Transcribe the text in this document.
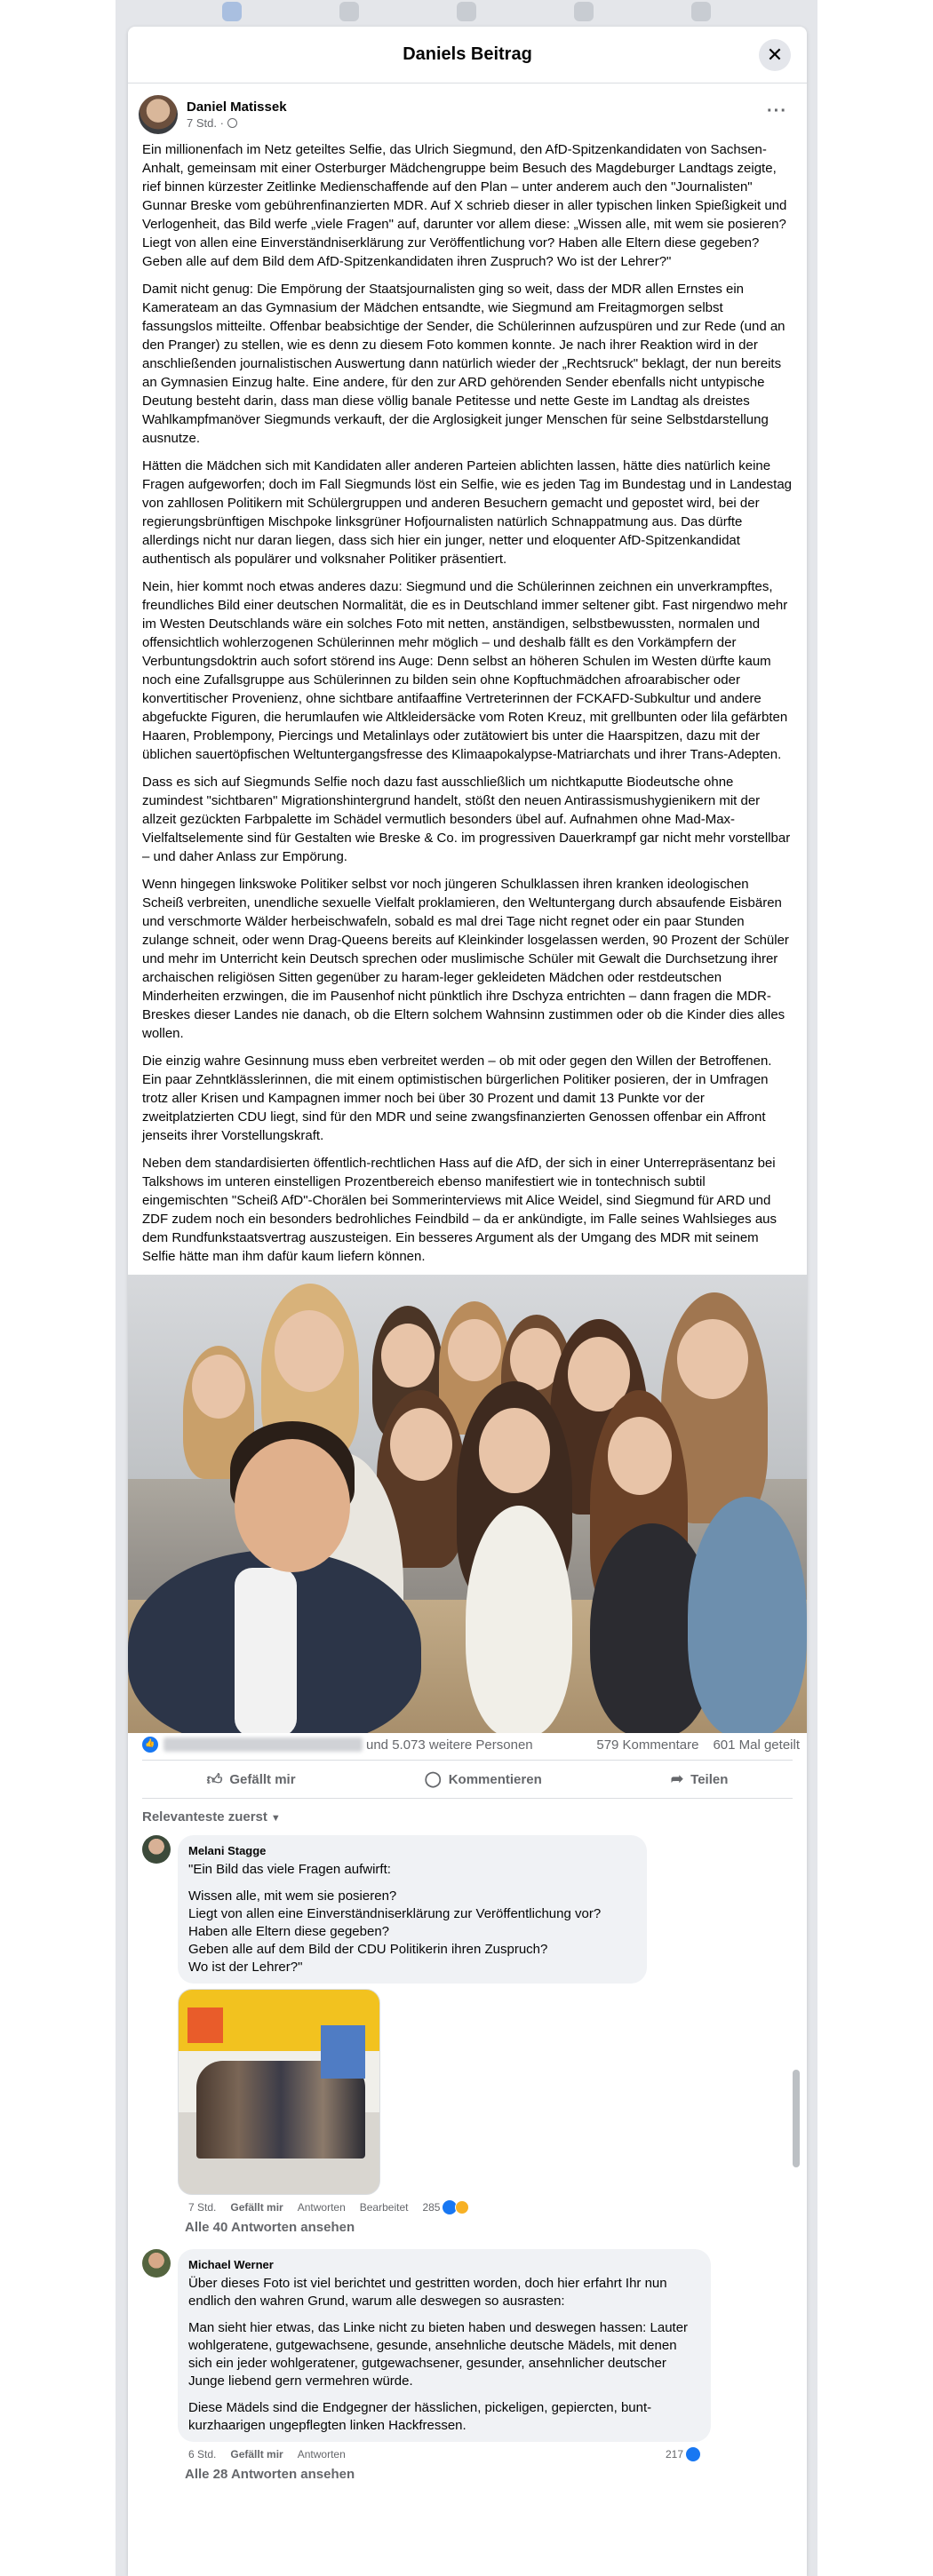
Daniels Beitrag	✕
Daniel Matissek
7 Std. ·
···

Ein millionenfach im Netz geteiltes Selfie, das Ulrich Siegmund, den AfD-Spitzenkandidaten von Sachsen-Anhalt, gemeinsam mit einer Osterburger Mädchengruppe beim Besuch des Magdeburger Landtags zeigte, rief binnen kürzester Zeitlinke Medienschaffende auf den Plan – unter anderem auch den "Journalisten" Gunnar Breske vom gebührenfinanzierten MDR. Auf X schrieb dieser in aller typischen linken Spießigkeit und Verlogenheit, das Bild werfe „viele Fragen" auf, darunter vor allem diese: „Wissen alle, mit wem sie posieren? Liegt von allen eine Einverständniserklärung zur Veröffentlichung vor? Haben alle Eltern diese gegeben? Geben alle auf dem Bild dem AfD-Spitzenkandidaten ihren Zuspruch? Wo ist der Lehrer?"

Damit nicht genug: Die Empörung der Staatsjournalisten ging so weit, dass der MDR allen Ernstes ein Kamerateam an das Gymnasium der Mädchen entsandte, wie Siegmund am Freitagmorgen selbst fassungslos mitteilte. Offenbar beabsichtige der Sender, die Schülerinnen aufzuspüren und zur Rede (und an den Pranger) zu stellen, wie es denn zu diesem Foto kommen konnte. Je nach ihrer Reaktion wird in der anschließenden journalistischen Auswertung dann natürlich wieder der „Rechtsruck" beklagt, der nun bereits an Gymnasien Einzug halte. Eine andere, für den zur ARD gehörenden Sender ebenfalls nicht untypische Deutung besteht darin, dass man diese völlig banale Petitesse und nette Geste im Landtag als dreistes Wahlkampfmanöver Siegmunds verkauft, der die Arglosigkeit junger Menschen für seine Selbstdarstellung ausnutze.

Hätten die Mädchen sich mit Kandidaten aller anderen Parteien ablichten lassen, hätte dies natürlich keine Fragen aufgeworfen; doch im Fall Siegmunds löst ein Selfie, wie es jeden Tag im Bundestag und in Landestag von zahllosen Politikern mit Schülergruppen und anderen Besuchern gemacht und gepostet wird, bei der regierungsbrünftigen Mischpoke linksgrüner Hofjournalisten natürlich Schnappatmung aus. Das dürfte allerdings nicht nur daran liegen, dass sich hier ein junger, netter und eloquenter AfD-Spitzenkandidat authentisch als populärer und volksnaher Politiker präsentiert.

Nein, hier kommt noch etwas anderes dazu: Siegmund und die Schülerinnen zeichnen ein unverkrampftes, freundliches Bild einer deutschen Normalität, die es in Deutschland immer seltener gibt. Fast nirgendwo mehr im Westen Deutschlands wäre ein solches Foto mit netten, anständigen, selbstbewussten, normalen und offensichtlich wohlerzogenen Schülerinnen mehr möglich – und deshalb fällt es den Vorkämpfern der Verbuntungsdoktrin auch sofort störend ins Auge: Denn selbst an höheren Schulen im Westen dürfte kaum noch eine Zufallsgruppe aus Schülerinnen zu bilden sein ohne Kopftuchmädchen afroarabischer oder konvertitischer Provenienz, ohne sichtbare antifaaffine Vertreterinnen der FCKAFD-Subkultur und andere abgefuckte Figuren, die herumlaufen wie Altkleidersäcke vom Roten Kreuz, mit grellbunten oder lila gefärbten Haaren, Problempony, Piercings und Metalinlays oder zutätowiert bis unter die Haarspitzen, dazu mit der üblichen sauertöpfischen Weltuntergangsfresse des Klimaapokalypse-Matriarchats und ihrer Trans-Adepten.

Dass es sich auf Siegmunds Selfie noch dazu fast ausschließlich um nichtkaputte Biodeutsche ohne zumindest "sichtbaren" Migrationshintergrund handelt, stößt den neuen Antirassismushygienikern mit der allzeit gezückten Farbpalette im Schädel vermutlich besonders übel auf. Aufnahmen ohne Mad-Max-Vielfaltselemente sind für Gestalten wie Breske & Co. im progressiven Dauerkrampf gar nicht mehr vorstellbar – und daher Anlass zur Empörung.

Wenn hingegen linkswoke Politiker selbst vor noch jüngeren Schulklassen ihren kranken ideologischen Scheiß verbreiten, unendliche sexuelle Vielfalt proklamieren, den Weltuntergang durch absaufende Eisbären und verschmorte Wälder herbeischwafeln, sobald es mal drei Tage nicht regnet oder ein paar Stunden zulange schneit, oder wenn Drag-Queens bereits auf Kleinkinder losgelassen werden, 90 Prozent der Schüler und mehr im Unterricht kein Deutsch sprechen oder muslimische Schüler mit Gewalt die Durchsetzung ihrer archaischen religiösen Sitten gegenüber zu haram-leger gekleideten Mädchen oder restdeutschen Minderheiten erzwingen, die im Pausenhof nicht pünktlich ihre Dschyza entrichten – dann fragen die MDR-Breskes dieser Landes nie danach, ob die Eltern solchem Wahnsinn zustimmen oder ob die Kinder dies alles wollen.

Die einzig wahre Gesinnung muss eben verbreitet werden – ob mit oder gegen den Willen der Betroffenen. Ein paar Zehntklässlerinnen, die mit einem optimistischen bürgerlichen Politiker posieren, der in Umfragen trotz aller Krisen und Kampagnen immer noch bei über 30 Prozent und damit 13 Punkte vor der zweitplatzierten CDU liegt, sind für den MDR und seine zwangsfinanzierten Genossen offenbar ein Affront jenseits ihrer Vorstellungskraft.

Neben dem standardisierten öffentlich-rechtlichen Hass auf die AfD, der sich in einer Unterrepräsentanz bei Talkshows im unteren einstelligen Prozentbereich ebenso manifestiert wie in tontechnisch subtil eingemischten "Scheiß AfD"-Chorälen bei Sommerinterviews mit Alice Weidel, sind Siegmund für ARD und ZDF zudem noch ein besonders bedrohliches Feindbild – da er ankündigte, im Falle seines Wahlsieges aus dem Rundfunkstaatsvertrag auszusteigen. Ein besseres Argument als der Umgang des MDR mit seinem Selfie hätte man ihm dafür kaum liefern können.

👍
und 5.073 weitere Personen	579 Kommentare 601 Mal geteilt
👍︎ Gefällt mir	◯ Kommentieren	➦ Teilen
Relevanteste zuerst ▼
Melani Stagge

"Ein Bild das viele Fragen aufwirft:

Wissen alle, mit wem sie posieren?
Liegt von allen eine Einverständniserklärung zur Veröffentlichung vor?
Haben alle Eltern diese gegeben?
Geben alle auf dem Bild der CDU Politikerin ihren Zuspruch?
Wo ist der Lehrer?"

7 Std. Gefällt mir Antworten Bearbeitet 285
Alle 40 Antworten ansehen
Michael Werner

Über dieses Foto ist viel berichtet und gestritten worden, doch hier erfahrt Ihr nun endlich den wahren Grund, warum alle deswegen so ausrasten:

Man sieht hier etwas, das Linke nicht zu bieten haben und deswegen hassen: Lauter wohlgeratene, gutgewachsene, gesunde, ansehnliche deutsche Mädels, mit denen sich ein jeder wohlgeratener, gutgewachsener, gesunder, ansehnlicher deutscher Junge liebend gern vermehren würde.

Diese Mädels sind die Endgegner der hässlichen, pickeligen, gepiercten, bunt-kurzhaarigen ungepflegten linken Hackfressen.

6 Std. Gefällt mir Antworten	217
Alle 28 Antworten ansehen
